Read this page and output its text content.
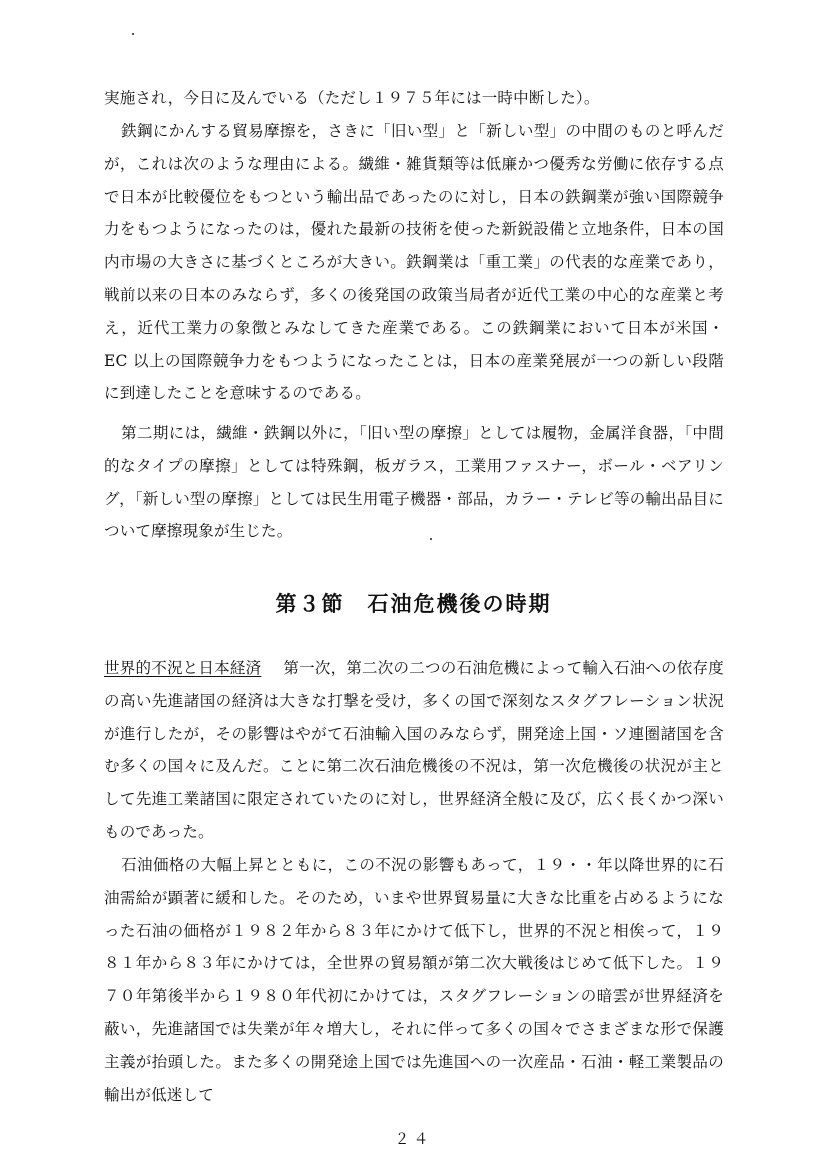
実施され，今日に及んでいる（ただし１９７５年には一時中断した）。

鉄鋼にかんする貿易摩擦を，さきに「旧い型」と「新しい型」の中間のものと呼んだが，これは次のような理由による。繊維・雑貨類等は低廉かつ優秀な労働に依存する点で日本が比較優位をもつという輸出品であったのに対し，日本の鉄鋼業が強い国際競争力をもつようになったのは，優れた最新の技術を使った新鋭設備と立地条件，日本の国内市場の大きさに基づくところが大きい。鉄鋼業は「重工業」の代表的な産業であり，戦前以来の日本のみならず，多くの後発国の政策当局者が近代工業の中心的な産業と考え，近代工業力の象徴とみなしてきた産業である。この鉄鋼業において日本が米国・ EC 以上の国際競争力をもつようになったことは，日本の産業発展が一つの新しい段階に到達したことを意味するのである。

第二期には，繊維・鉄鋼以外に，「旧い型の摩擦」としては履物，金属洋食器，「中間的なタイプの摩擦」としては特殊鋼，板ガラス，工業用ファスナー，ボール・ベアリング，「新しい型の摩擦」としては民生用電子機器・部品，カラー・テレビ等の輸出品目について摩擦現象が生じた。

第３節　石油危機後の時期

世界的不況と日本経済 第一次，第二次の二つの石油危機によって輸入石油への依存度の高い先進諸国の経済は大きな打撃を受け，多くの国で深刻なスタグフレーション状況が進行したが，その影響はやがて石油輸入国のみならず，開発途上国・ソ連圏諸国を含む多くの国々に及んだ。ことに第二次石油危機後の不況は，第一次危機後の状況が主として先進工業諸国に限定されていたのに対し，世界経済全般に及び，広く長くかつ深いものであった。

石油価格の大幅上昇とともに，この不況の影響もあって，１９・・年以降世界的に石油需給が顕著に緩和した。そのため，いまや世界貿易量に大きな比重を占めるようになった石油の価格が１９８２年から８３年にかけて低下し，世界的不況と相俟って，１９８１年から８３年にかけては，全世界の貿易額が第二次大戦後はじめて低下した。１９７０年第後半から１９８０年代初にかけては，スタグフレーションの暗雲が世界経済を蔽い，先進諸国では失業が年々増大し，それに伴って多くの国々でさまざまな形で保護主義が抬頭した。また多くの開発途上国では先進国への一次産品・石油・軽工業製品の輸出が低迷して

２４
